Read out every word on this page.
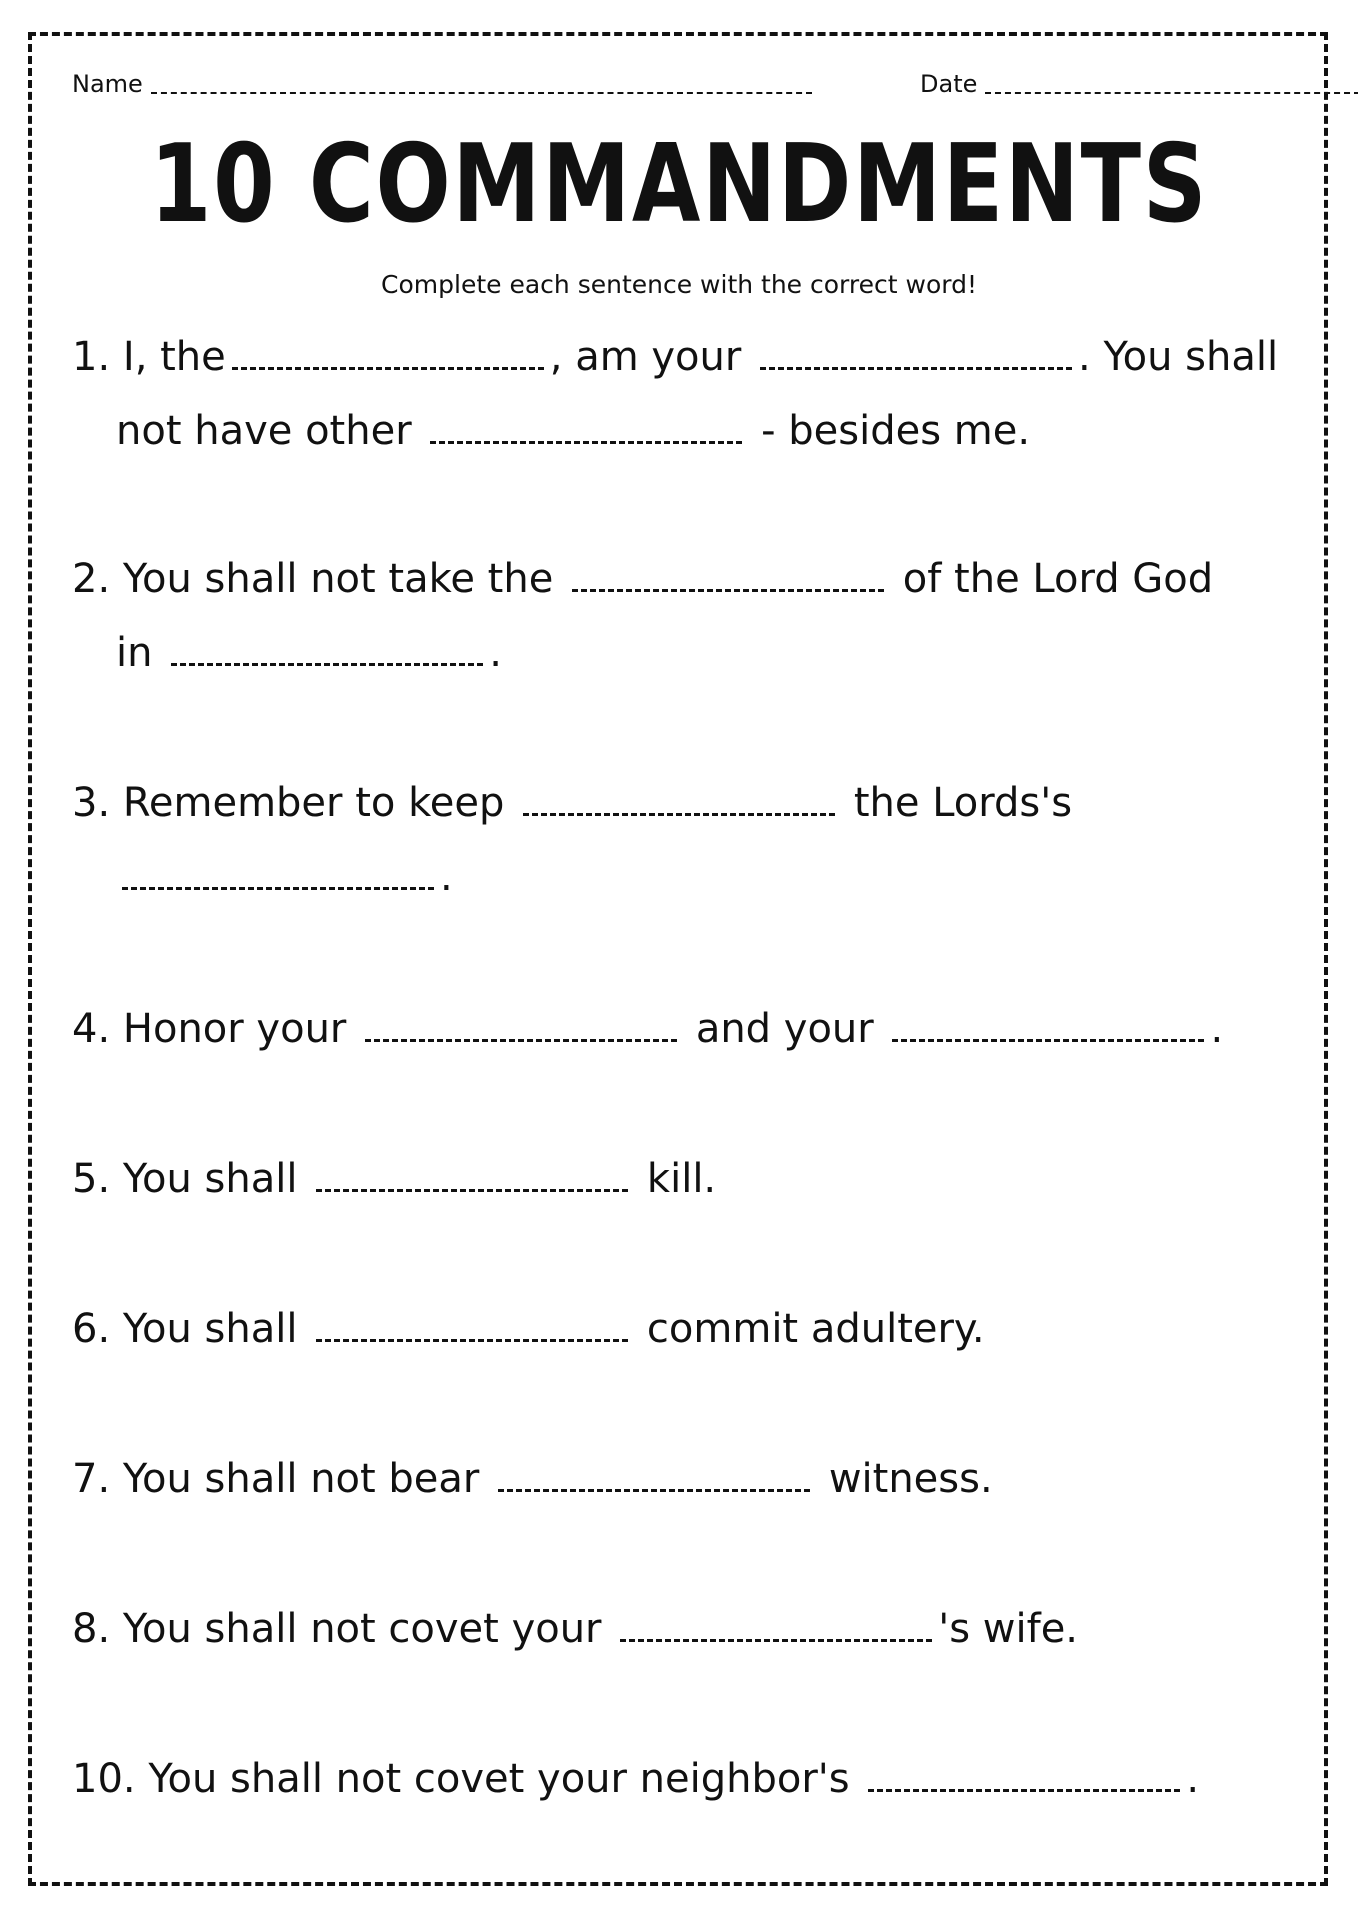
Name	Date
10 COMMANDMENTS
Complete each sentence with the correct word!
1. I, the	, am your	. You shall
not have other	- besides me.
2. You shall not take the	of the Lord God
in	.
3. Remember to keep	the Lords's
.
4. Honor your	and your	.
5. You shall	kill.
6. You shall	commit adultery.
7. You shall not bear	witness.
8. You shall not covet your	's wife.
10. You shall not covet your neighbor's	.
